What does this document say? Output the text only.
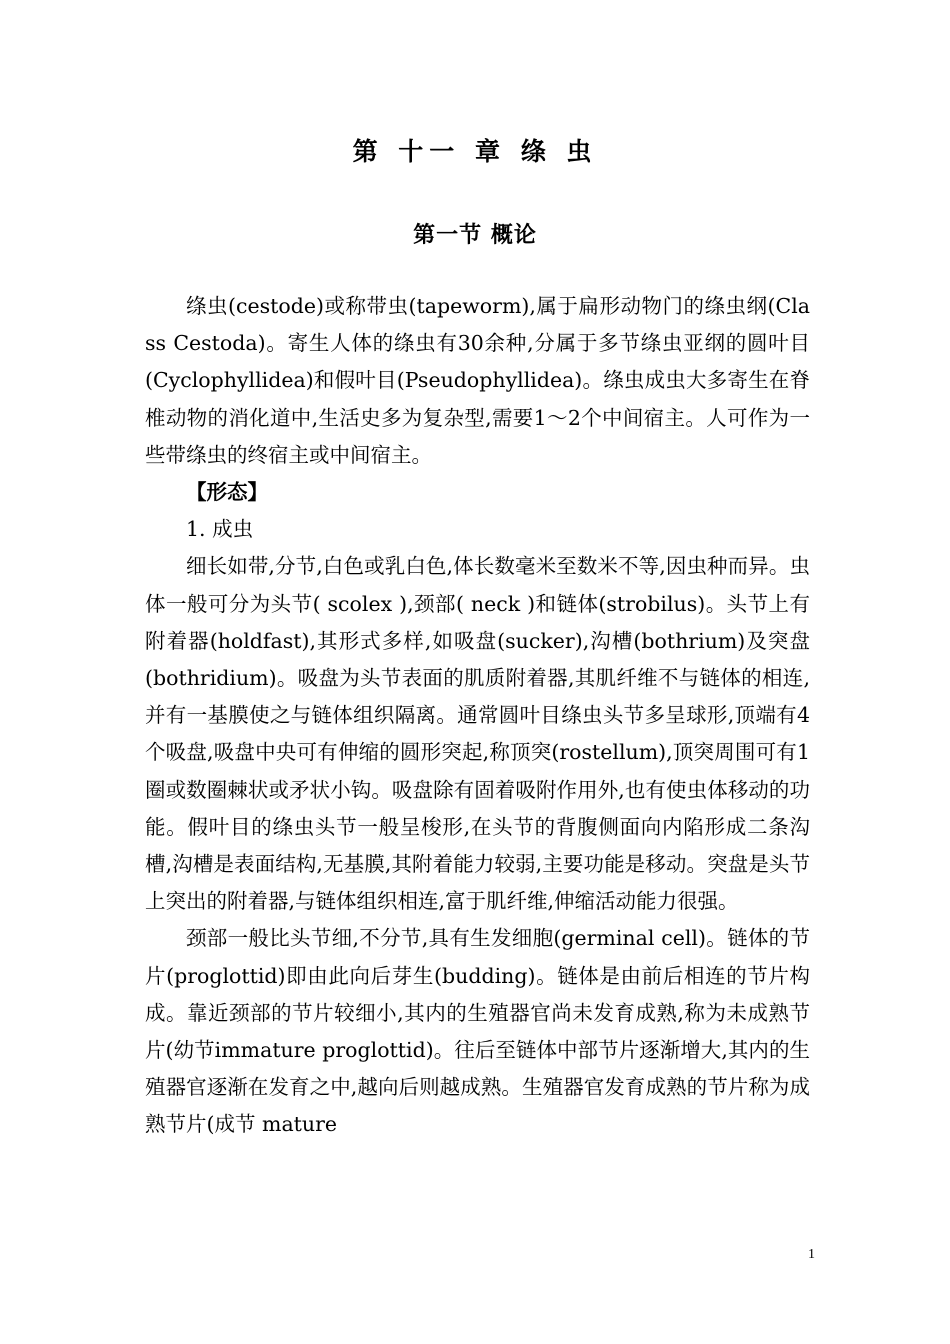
第 十一 章 绦 虫
第一节 概论

绦虫(cestode)或称带虫(tapeworm),属于扁形动物门的绦虫纲(Class Cestoda)。寄生人体的绦虫有30余种,分属于多节绦虫亚纲的圆叶目(Cyclophyllidea)和假叶目(Pseudophyllidea)。绦虫成虫大多寄生在脊椎动物的消化道中,生活史多为复杂型,需要1～2个中间宿主。人可作为一些带绦虫的终宿主或中间宿主。

【形态】

1. 成虫

细长如带,分节,白色或乳白色,体长数毫米至数米不等,因虫种而异。虫体一般可分为头节( scolex ),颈部( neck )和链体(strobilus)。头节上有附着器(holdfast),其形式多样,如吸盘(sucker),沟槽(bothrium)及突盘(bothridium)。吸盘为头节表面的肌质附着器,其肌纤维不与链体的相连,并有一基膜使之与链体组织隔离。通常圆叶目绦虫头节多呈球形,顶端有4个吸盘,吸盘中央可有伸缩的圆形突起,称顶突(rostellum),顶突周围可有1圈或数圈棘状或矛状小钩。吸盘除有固着吸附作用外,也有使虫体移动的功能。假叶目的绦虫头节一般呈梭形,在头节的背腹侧面向内陷形成二条沟槽,沟槽是表面结构,无基膜,其附着能力较弱,主要功能是移动。突盘是头节上突出的附着器,与链体组织相连,富于肌纤维,伸缩活动能力很强。

颈部一般比头节细,不分节,具有生发细胞(germinal cell)。链体的节片(proglottid)即由此向后芽生(budding)。链体是由前后相连的节片构成。靠近颈部的节片较细小,其内的生殖器官尚未发育成熟,称为未成熟节片(幼节immature proglottid)。往后至链体中部节片逐渐增大,其内的生殖器官逐渐在发育之中,越向后则越成熟。生殖器官发育成熟的节片称为成熟节片(成节 mature

1
